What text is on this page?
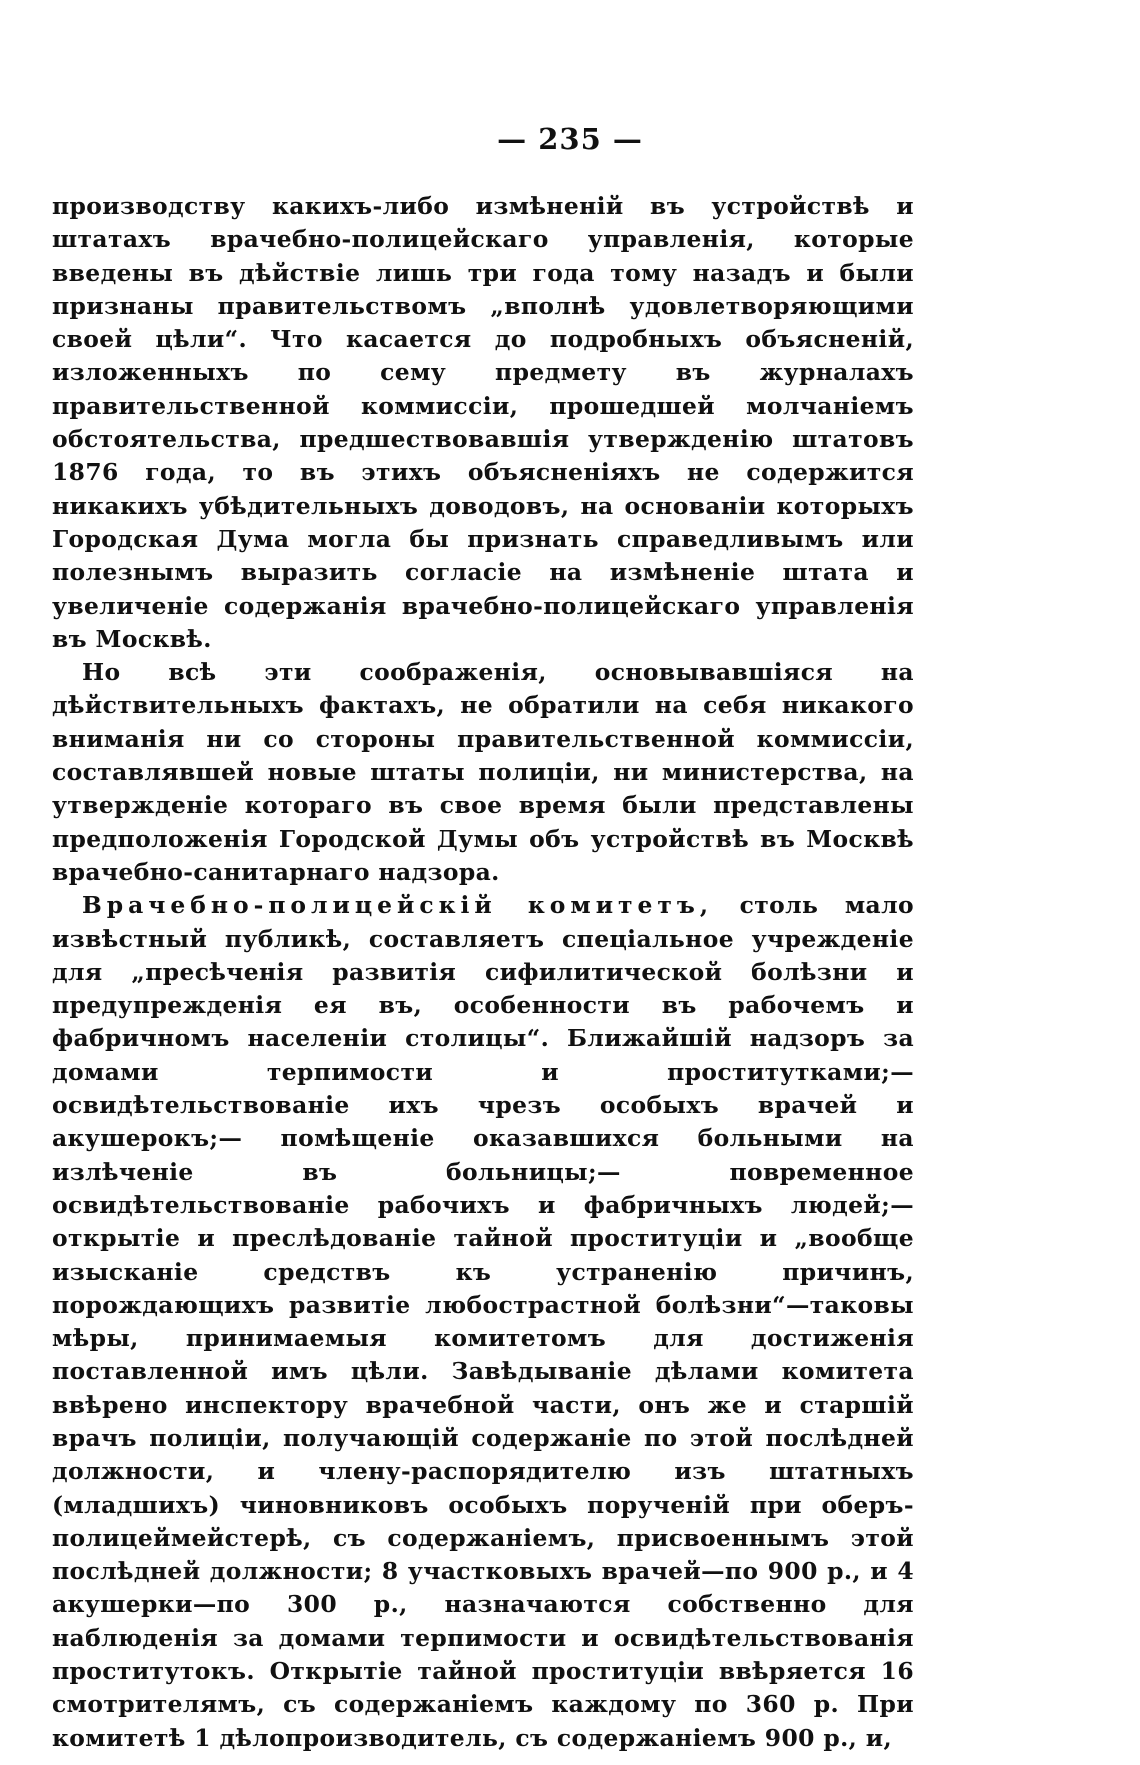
— 235 —

производству какихъ-либо измѣненій въ устройствѣ и штатахъ врачебно-полицейскаго управленія, которые введены въ дѣйствіе лишь три года тому назадъ и были признаны правительствомъ „вполнѣ удовлетворяющими своей цѣли“. Что касается до подробныхъ объясненій, изложенныхъ по сему предмету въ журналахъ правительственной коммиссіи, прошедшей молчаніемъ обстоятельства, предшествовавшія утвержденію штатовъ 1876 года, то въ этихъ объясненіяхъ не содержится никакихъ убѣдительныхъ доводовъ, на основаніи которыхъ Городская Дума могла бы признать справедливымъ или полезнымъ выразить согласіе на измѣненіе штата и увеличеніе содержанія врачебно-полицейскаго управленія въ Москвѣ.

Но всѣ эти соображенія, основывавшіяся на дѣйствительныхъ фактахъ, не обратили на себя никакого вниманія ни со стороны правительственной коммиссіи, составлявшей новые штаты полиціи, ни министерства, на утвержденіе котораго въ свое время были представлены предположенія Городской Думы объ устройствѣ въ Москвѣ врачебно-санитарнаго надзора.

Врачебно-полицейскій комитетъ, столь мало извѣстный публикѣ, составляетъ спеціальное учрежденіе для „пресѣченія развитія сифилитической болѣзни и предупрежденія ея въ, особенности въ рабочемъ и фабричномъ населеніи столицы“. Ближайшій надзоръ за домами терпимости и проститутками;— освидѣтельствованіе ихъ чрезъ особыхъ врачей и акушерокъ;— помѣщеніе оказавшихся больными на излѣченіе въ больницы;— повременное освидѣтельствованіе рабочихъ и фабричныхъ людей;— открытіе и преслѣдованіе тайной проституціи и „вообще изысканіе средствъ къ устраненію причинъ, порождающихъ развитіе любострастной болѣзни“—таковы мѣры, принимаемыя комитетомъ для достиженія поставленной имъ цѣли. Завѣдываніе дѣлами комитета ввѣрено инспектору врачебной части, онъ же и старшій врачъ полиціи, получающій содержаніе по этой послѣдней должности, и члену-распорядителю изъ штатныхъ (младшихъ) чиновниковъ особыхъ порученій при оберъ-полицеймейстерѣ, съ содержаніемъ, присвоеннымъ этой послѣдней должности; 8 участковыхъ врачей—по 900 р., и 4 акушерки—по 300 р., назначаются собственно для наблюденія за домами терпимости и освидѣтельствованія проститутокъ. Открытіе тайной проституціи ввѣряется 16 смотрителямъ, съ содержаніемъ каждому по 360 р. При комитетѣ 1 дѣлопроизводитель, съ содержаніемъ 900 р., и,
